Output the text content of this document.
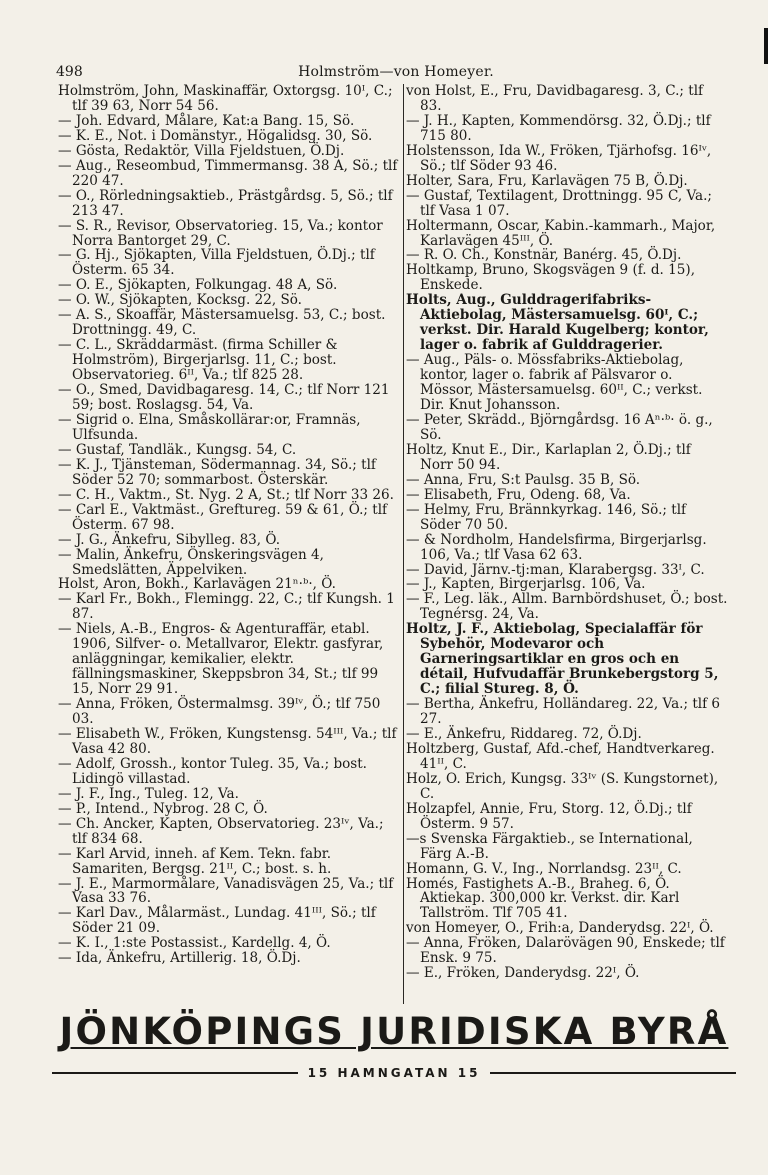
498	Holmström—von Homeyer.

Holmström, John, Maskinaffär, Oxtorgsg. 10ᴵ, C.; tlf 39 63, Norr 54 56.

— Joh. Edvard, Målare, Kat:a Bang. 15, Sö.

— K. E., Not. i Domänstyr., Högalidsg. 30, Sö.

— Gösta, Redaktör, Villa Fjeldstuen, Ö.Dj.

— Aug., Reseombud, Timmermansg. 38 A, Sö.; tlf 220 47.

— O., Rörledningsaktieb., Prästgårdsg. 5, Sö.; tlf 213 47.

— S. R., Revisor, Observatorieg. 15, Va.; kontor Norra Bantorget 29, C.

— G. Hj., Sjökapten, Villa Fjeldstuen, Ö.Dj.; tlf Österm. 65 34.

— O. E., Sjökapten, Folkungag. 48 A, Sö.

— O. W., Sjökapten, Kocksg. 22, Sö.

— A. S., Skoaffär, Mästersamuelsg. 53, C.; bost. Drottningg. 49, C.

— C. L., Skräddarmäst. (firma Schiller & Holmström), Birgerjarlsg. 11, C.; bost. Observatorieg. 6ᴵᴵ, Va.; tlf 825 28.

— O., Smed, Davidbagaresg. 14, C.; tlf Norr 121 59; bost. Roslagsg. 54, Va.

— Sigrid o. Elna, Småskollärar:or, Framnäs, Ulfsunda.

— Gustaf, Tandläk., Kungsg. 54, C.

— K. J., Tjänsteman, Södermannag. 34, Sö.; tlf Söder 52 70; sommarbost. Österskär.

— C. H., Vaktm., St. Nyg. 2 A, St.; tlf Norr 33 26.

— Carl E., Vaktmäst., Greftureg. 59 & 61, Ö.; tlf Österm. 67 98.

— J. G., Änkefru, Sibylleg. 83, Ö.

— Malin, Änkefru, Önskeringsvägen 4, Smedslätten, Äppelviken.

Holst, Aron, Bokh., Karlavägen 21ⁿ·ᵇ·, Ö.

— Karl Fr., Bokh., Flemingg. 22, C.; tlf Kungsh. 1 87.

— Niels, A.-B., Engros- & Agenturaffär, etabl. 1906, Silfver- o. Metallvaror, Elektr. gasfyrar, anläggningar, kemikalier, elektr. fällningsmaskiner, Skeppsbron 34, St.; tlf 99 15, Norr 29 91.

— Anna, Fröken, Östermalmsg. 39ᴵᵛ, Ö.; tlf 750 03.

— Elisabeth W., Fröken, Kungstensg. 54ᴵᴵᴵ, Va.; tlf Vasa 42 80.

— Adolf, Grossh., kontor Tuleg. 35, Va.; bost. Lidingö villastad.

— J. F., Ing., Tuleg. 12, Va.

— P., Intend., Nybrog. 28 C, Ö.

— Ch. Ancker, Kapten, Observatorieg. 23ᴵᵛ, Va.; tlf 834 68.

— Karl Arvid, inneh. af Kem. Tekn. fabr. Samariten, Bergsg. 21ᴵᴵ, C.; bost. s. h.

— J. E., Marmormålare, Vanadisvägen 25, Va.; tlf Vasa 33 76.

— Karl Dav., Målarmäst., Lundag. 41ᴵᴵᴵ, Sö.; tlf Söder 21 09.

— K. I., 1:ste Postassist., Kardellg. 4, Ö.

— Ida, Änkefru, Artillerig. 18, Ö.Dj.

von Holst, E., Fru, Davidbagaresg. 3, C.; tlf 83.

— J. H., Kapten, Kommendörsg. 32, Ö.Dj.; tlf 715 80.

Holstensson, Ida W., Fröken, Tjärhofsg. 16ᴵᵛ, Sö.; tlf Söder 93 46.

Holter, Sara, Fru, Karlavägen 75 B, Ö.Dj.

— Gustaf, Textilagent, Drottningg. 95 C, Va.; tlf Vasa 1 07.

Holtermann, Oscar, Kabin.-kammarh., Major, Karlavägen 45ᴵᴵᴵ, Ö.

— R. O. Ch., Konstnär, Banérg. 45, Ö.Dj.

Holtkamp, Bruno, Skogsvägen 9 (f. d. 15), Enskede.

Holts, Aug., Gulddragerifabriks-Aktiebolag, Mästersamuelsg. 60ᴵ, C.; verkst. Dir. Harald Kugelberg; kontor, lager o. fabrik af Gulddragerier.

— Aug., Päls- o. Mössfabriks-Aktiebolag, kontor, lager o. fabrik af Pälsvaror o. Mössor, Mästersamuelsg. 60ᴵᴵ, C.; verkst. Dir. Knut Johansson.

— Peter, Skrädd., Björngårdsg. 16 Aⁿ·ᵇ· ö. g., Sö.

Holtz, Knut E., Dir., Karlaplan 2, Ö.Dj.; tlf Norr 50 94.

— Anna, Fru, S:t Paulsg. 35 B, Sö.

— Elisabeth, Fru, Odeng. 68, Va.

— Helmy, Fru, Brännkyrkag. 146, Sö.; tlf Söder 70 50.

— & Nordholm, Handelsfirma, Birgerjarlsg. 106, Va.; tlf Vasa 62 63.

— David, Järnv.-tj:man, Klarabergsg. 33ᴵ, C.

— J., Kapten, Birgerjarlsg. 106, Va.

— F., Leg. läk., Allm. Barnbördshuset, Ö.; bost. Tegnérsg. 24, Va.

Holtz, J. F., Aktiebolag, Specialaffär för Sybehör, Modevaror och Garneringsartiklar en gros och en détail, Hufvudaffär Brunkebergstorg 5, C.; filial Stureg. 8, Ö.

— Bertha, Änkefru, Holländareg. 22, Va.; tlf 6 27.

— E., Änkefru, Riddareg. 72, Ö.Dj.

Holtzberg, Gustaf, Afd.-chef, Handtverkareg. 41ᴵᴵ, C.

Holz, O. Erich, Kungsg. 33ᴵᵛ (S. Kungstornet), C.

Holzapfel, Annie, Fru, Storg. 12, Ö.Dj.; tlf Österm. 9 57.

—s Svenska Färgaktieb., se International, Färg A.-B.

Homann, G. V., Ing., Norrlandsg. 23ᴵᴵ, C.

Homés, Fastighets A.-B., Braheg. 6, Ö. Aktiekap. 300,000 kr. Verkst. dir. Karl Tallström. Tlf 705 41.

von Homeyer, O., Frih:a, Danderydsg. 22ᴵ, Ö.

— Anna, Fröken, Dalarövägen 90, Enskede; tlf Ensk. 9 75.

— E., Fröken, Danderydsg. 22ᴵ, Ö.

JÖNKÖPINGS JURIDISKA BYRÅ
15 HAMNGATAN 15
